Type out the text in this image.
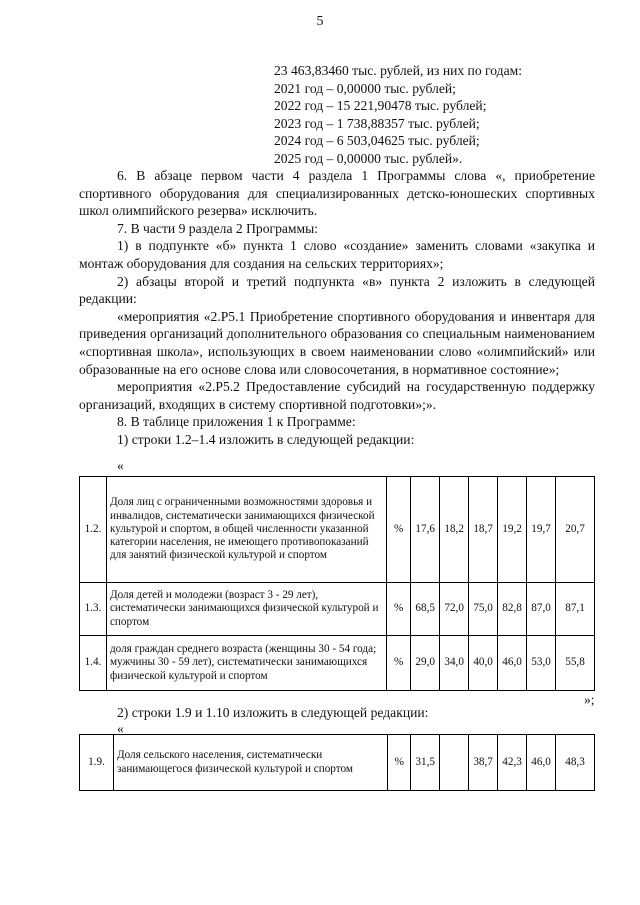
5
23 463,83460 тыс. рублей, из них по годам:
2021 год – 0,00000 тыс. рублей;
2022 год – 15 221,90478 тыс. рублей;
2023 год – 1 738,88357 тыс. рублей;
2024 год – 6 503,04625 тыс. рублей;
2025 год – 0,00000 тыс. рублей».

6. В абзаце первом части 4 раздела 1 Программы слова «, приобретение спортивного оборудования для специализированных детско-юношеских спортивных школ олимпийского резерва» исключить.

7. В части 9 раздела 2 Программы:

1) в подпункте «б» пункта 1 слово «создание» заменить словами «закупка и монтаж оборудования для создания на сельских территориях»;

2) абзацы второй и третий подпункта «в» пункта 2 изложить в следующей редакции:

«мероприятия «2.Р5.1 Приобретение спортивного оборудования и инвентаря для приведения организаций дополнительного образования со специальным наименованием «спортивная школа», использующих в своем наименовании слово «олимпийский» или образованные на его основе слова или словосочетания, в нормативное состояние»;

мероприятия «2.Р5.2 Предоставление субсидий на государственную поддержку организаций, входящих в систему спортивной подготовки»;».

8. В таблице приложения 1 к Программе:

1) строки 1.2–1.4 изложить в следующей редакции:

«
1.2.	Доля лиц с ограниченными возможностями здоровья и инвалидов, систематически занимающихся физической культурой и спортом, в общей численности указанной категории населения, не имеющего противопоказаний для занятий физической культурой и спортом	%	17,6	18,2	18,7	19,2	19,7	20,7
1.3.	Доля детей и молодежи (возраст 3 - 29 лет), систематически занимающихся физической культурой и спортом	%	68,5	72,0	75,0	82,8	87,0	87,1
1.4.	доля граждан среднего возраста (женщины 30 - 54 года; мужчины 30 - 59 лет), систематически занимающихся физической культурой и спортом	%	29,0	34,0	40,0	46,0	53,0	55,8
»;
2) строки 1.9 и 1.10 изложить в следующей редакции:
«
1.9.	Доля сельского населения, систематически занимающегося физической культурой и спортом	%	31,5		38,7	42,3	46,0	48,3
